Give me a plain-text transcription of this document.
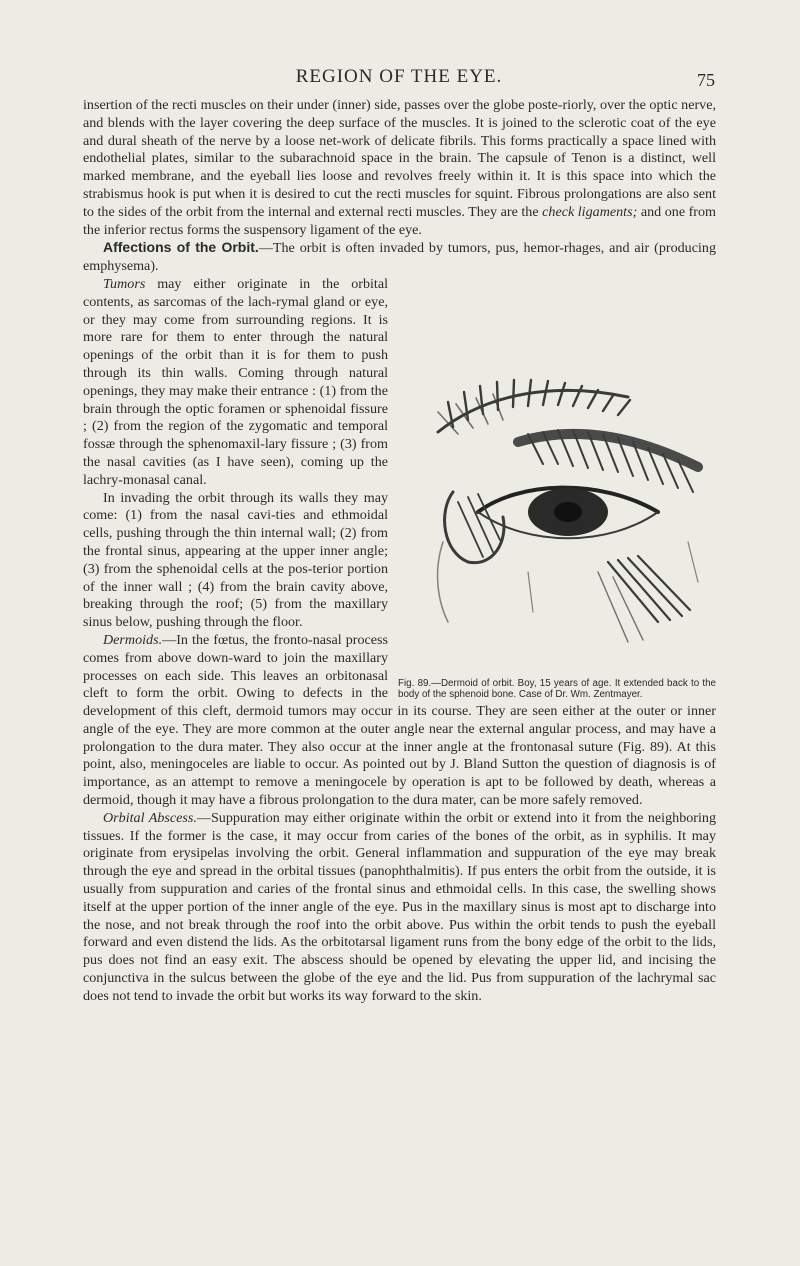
REGION OF THE EYE.	75

insertion of the recti muscles on their under (inner) side, passes over the globe poste-riorly, over the optic nerve, and blends with the layer covering the deep surface of the muscles. It is joined to the sclerotic coat of the eye and dural sheath of the nerve by a loose net-work of delicate fibrils. This forms practically a space lined with endothelial plates, similar to the subarachnoid space in the brain. The capsule of Tenon is a distinct, well marked membrane, and the eyeball lies loose and revolves freely within it. It is this space into which the strabismus hook is put when it is desired to cut the recti muscles for squint. Fibrous prolongations are also sent to the sides of the orbit from the internal and external recti muscles. They are the check ligaments; and one from the inferior rectus forms the suspensory ligament of the eye.

Affections of the Orbit.—The orbit is often invaded by tumors, pus, hemor-rhages, and air (producing emphysema).

Fig. 89.—Dermoid of orbit. Boy, 15 years of age. It extended back to the body of the sphenoid bone. Case of Dr. Wm. Zentmayer.

Tumors may either originate in the orbital contents, as sarcomas of the lach-rymal gland or eye, or they may come from surrounding regions. It is more rare for them to enter through the natural openings of the orbit than it is for them to push through its thin walls. Coming through natural openings, they may make their entrance : (1) from the brain through the optic foramen or sphenoidal fissure ; (2) from the region of the zygomatic and temporal fossæ through the sphenomaxil-lary fissure ; (3) from the nasal cavities (as I have seen), coming up the lachry-monasal canal.

In invading the orbit through its walls they may come: (1) from the nasal cavi-ties and ethmoidal cells, pushing through the thin internal wall; (2) from the frontal sinus, appearing at the upper inner angle; (3) from the sphenoidal cells at the pos-terior portion of the inner wall ; (4) from the brain cavity above, breaking through the roof; (5) from the maxillary sinus below, pushing through the floor.

Dermoids.—In the fœtus, the fronto-nasal process comes from above down-ward to join the maxillary processes on each side. This leaves an orbitonasal cleft to form the orbit. Owing to defects in the development of this cleft, dermoid tumors may occur in its course. They are seen either at the outer or inner angle of the eye. They are more common at the outer angle near the external angular process, and may have a prolongation to the dura mater. They also occur at the inner angle at the frontonasal suture (Fig. 89). At this point, also, meningoceles are liable to occur. As pointed out by J. Bland Sutton the question of diagnosis is of importance, as an attempt to remove a meningocele by operation is apt to be followed by death, whereas a dermoid, though it may have a fibrous prolongation to the dura mater, can be more safely removed.

Orbital Abscess.—Suppuration may either originate within the orbit or extend into it from the neighboring tissues. If the former is the case, it may occur from caries of the bones of the orbit, as in syphilis. It may originate from erysipelas involving the orbit. General inflammation and suppuration of the eye may break through the eye and spread in the orbital tissues (panophthalmitis). If pus enters the orbit from the outside, it is usually from suppuration and caries of the frontal sinus and ethmoidal cells. In this case, the swelling shows itself at the upper portion of the inner angle of the eye. Pus in the maxillary sinus is most apt to discharge into the nose, and not break through the roof into the orbit above. Pus within the orbit tends to push the eyeball forward and even distend the lids. As the orbitotarsal ligament runs from the bony edge of the orbit to the lids, pus does not find an easy exit. The abscess should be opened by elevating the upper lid, and incising the conjunctiva in the sulcus between the globe of the eye and the lid. Pus from suppuration of the lachrymal sac does not tend to invade the orbit but works its way forward to the skin.
